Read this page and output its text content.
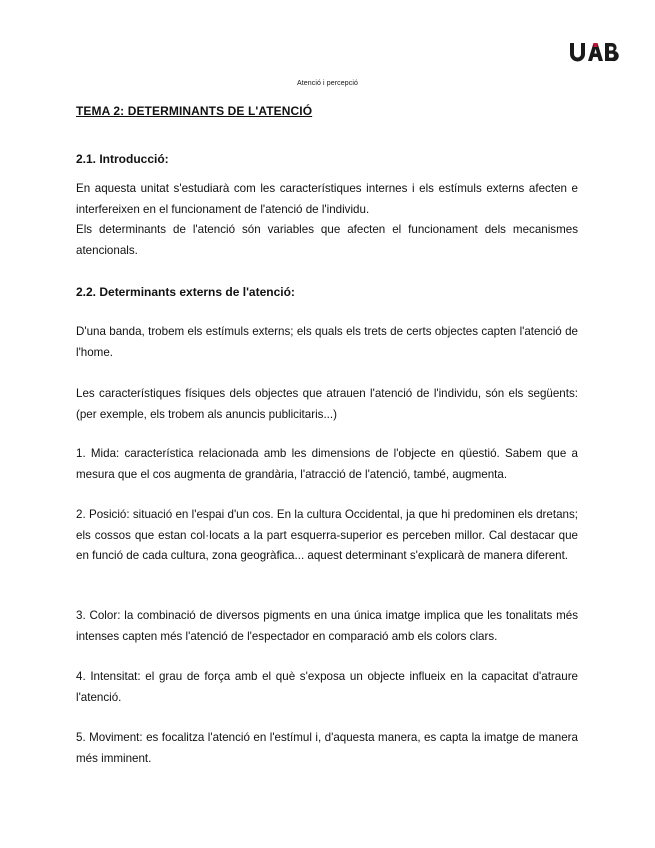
Atenció i percepció
TEMA 2: DETERMINANTS DE L'ATENCIÓ
2.1. Introducció:
En aquesta unitat s'estudiarà com les característiques internes i els estímuls externs afecten e interfereixen en el funcionament de l'atenció de l'individu.
Els determinants de l'atenció són variables que afecten el funcionament dels mecanismes atencionals.
2.2. Determinants externs de l'atenció:
D'una banda, trobem els estímuls externs; els quals els trets de certs objectes capten l'atenció de l'home.
Les característiques físiques dels objectes que atrauen l'atenció de l'individu, són els següents: (per exemple, els trobem als anuncis publicitaris...)
1. Mida: característica relacionada amb les dimensions de l'objecte en qüestió. Sabem que a mesura que el cos augmenta de grandària, l'atracció de l'atenció, també, augmenta.
2. Posició: situació en l'espai d'un cos. En la cultura Occidental, ja que hi predominen els dretans; els cossos que estan col·locats a la part esquerra-superior es perceben millor. Cal destacar que en funció de cada cultura, zona geogràfica... aquest determinant s'explicarà de manera diferent.
3. Color: la combinació de diversos pigments en una única imatge implica que les tonalitats més intenses capten més l'atenció de l'espectador en comparació amb els colors clars.
4. Intensitat: el grau de força amb el què s'exposa un objecte influeix en la capacitat d'atraure l'atenció.
5. Moviment: es focalitza l'atenció en l'estímul i, d'aquesta manera, es capta la imatge de manera més imminent.
